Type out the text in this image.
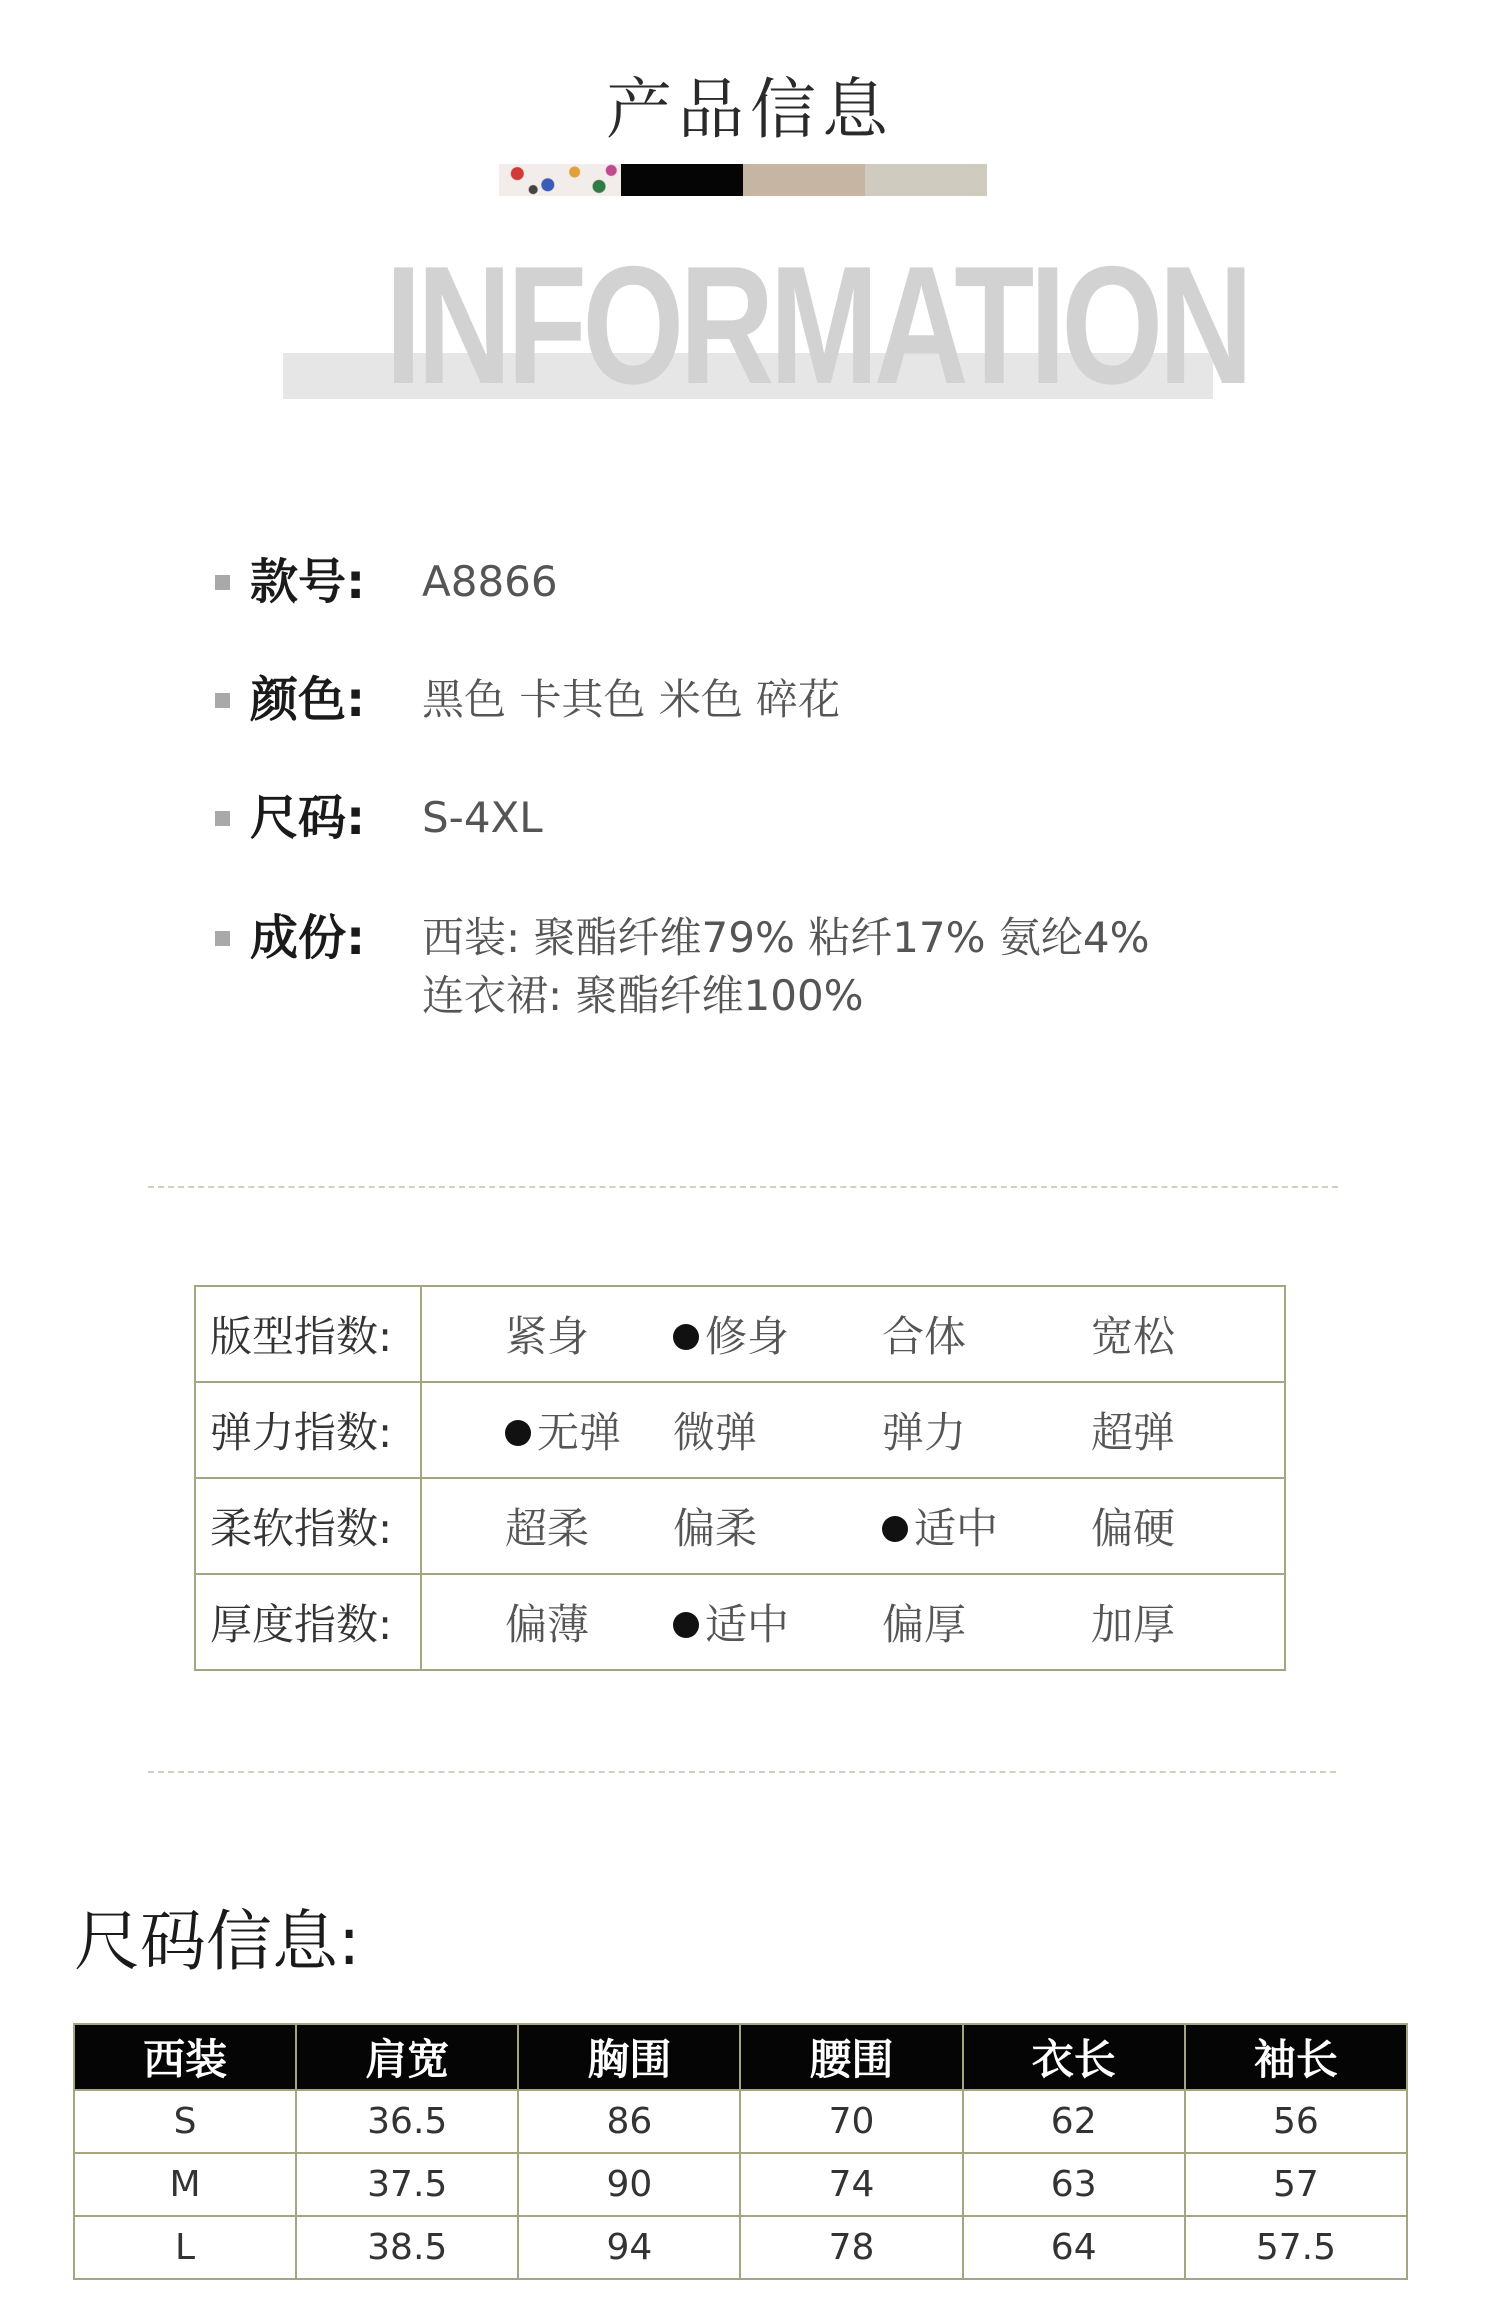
产品信息
INFORMATION
款号:	A8866
颜色:	黑色 卡其色 米色 碎花
尺码:	S-4XL
成份:	西装: 聚酯纤维79% 粘纤17% 氨纶4%
连衣裙: 聚酯纤维100%
版型指数:	紧身 修身 合体 宽松

弹力指数:	无弹 微弹 弹力 超弹

柔软指数:	超柔 偏柔 适中 偏硬

厚度指数:	偏薄 适中 偏厚 加厚
尺码信息:
西装	肩宽	胸围	腰围	衣长	袖长
S	36.5	86	70	62	56
M	37.5	90	74	63	57
L	38.5	94	78	64	57.5
